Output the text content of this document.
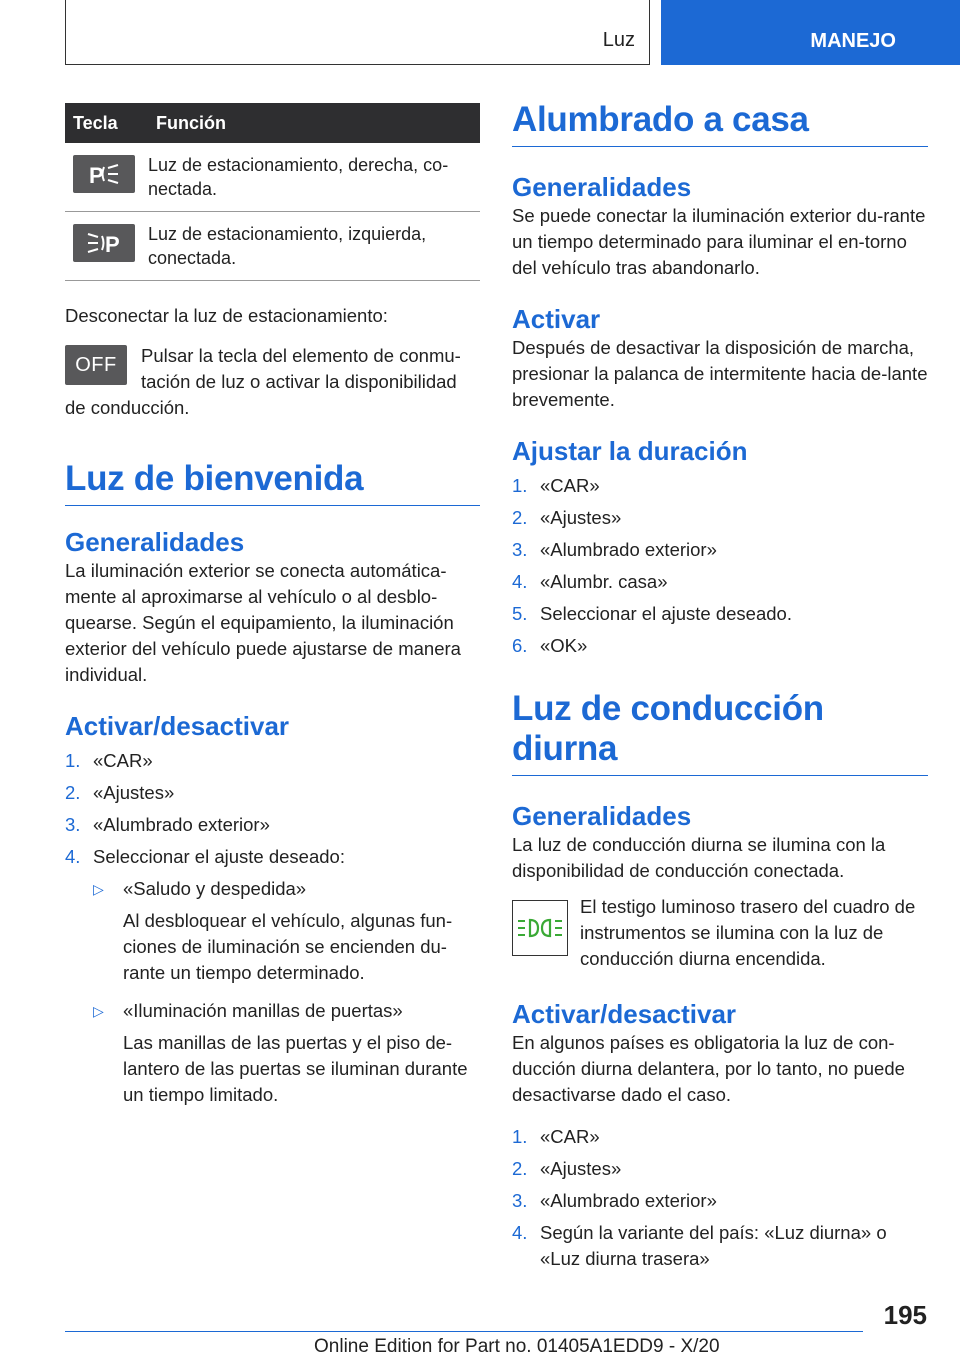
Luz	MANEJO
Tecla	Función

P	Luz de estacionamiento, derecha, co-
nectada.

P	Luz de estacionamiento, izquierda,
conectada.

Desconectar la luz de estacionamiento:

OFF	Pulsar la tecla del elemento de conmu-tación de luz o activar la disponibilidad de conducción.

Luz de bienvenida
Generalidades

La iluminación exterior se conecta automática-mente al aproximarse al vehículo o al desblo-quearse. Según el equipamiento, la iluminación exterior del vehículo puede ajustarse de manera individual.

Activar/desactivar
1. «CAR»
2. «Ajustes»
3. «Alumbrado exterior»
4. Seleccionar el ajuste deseado:
▷	«Saludo y despedida»
Al desbloquear el vehículo, algunas fun-ciones de iluminación se encienden du-rante un tiempo determinado.
▷	«Iluminación manillas de puertas»
Las manillas de las puertas y el piso de-lantero de las puertas se iluminan durante un tiempo limitado.
Alumbrado a casa
Generalidades

Se puede conectar la iluminación exterior du-rante un tiempo determinado para iluminar el en-torno del vehículo tras abandonarlo.

Activar

Después de desactivar la disposición de marcha, presionar la palanca de intermitente hacia de-lante brevemente.

Ajustar la duración
1. «CAR»
2. «Ajustes»
3. «Alumbrado exterior»
4. «Alumbr. casa»
5. Seleccionar el ajuste deseado.
6. «OK»
Luz de conducción diurna
Generalidades

La luz de conducción diurna se ilumina con la disponibilidad de conducción conectada.

El testigo luminoso trasero del cuadro de instrumentos se ilumina con la luz de conducción diurna encendida.

Activar/desactivar

En algunos países es obligatoria la luz de con-ducción diurna delantera, por lo tanto, no puede desactivarse dado el caso.

1. «CAR»
2. «Ajustes»
3. «Alumbrado exterior»
4. Según la variante del país: «Luz diurna» o «Luz diurna trasera»
195
Online Edition for Part no. 01405A1EDD9 - X/20
